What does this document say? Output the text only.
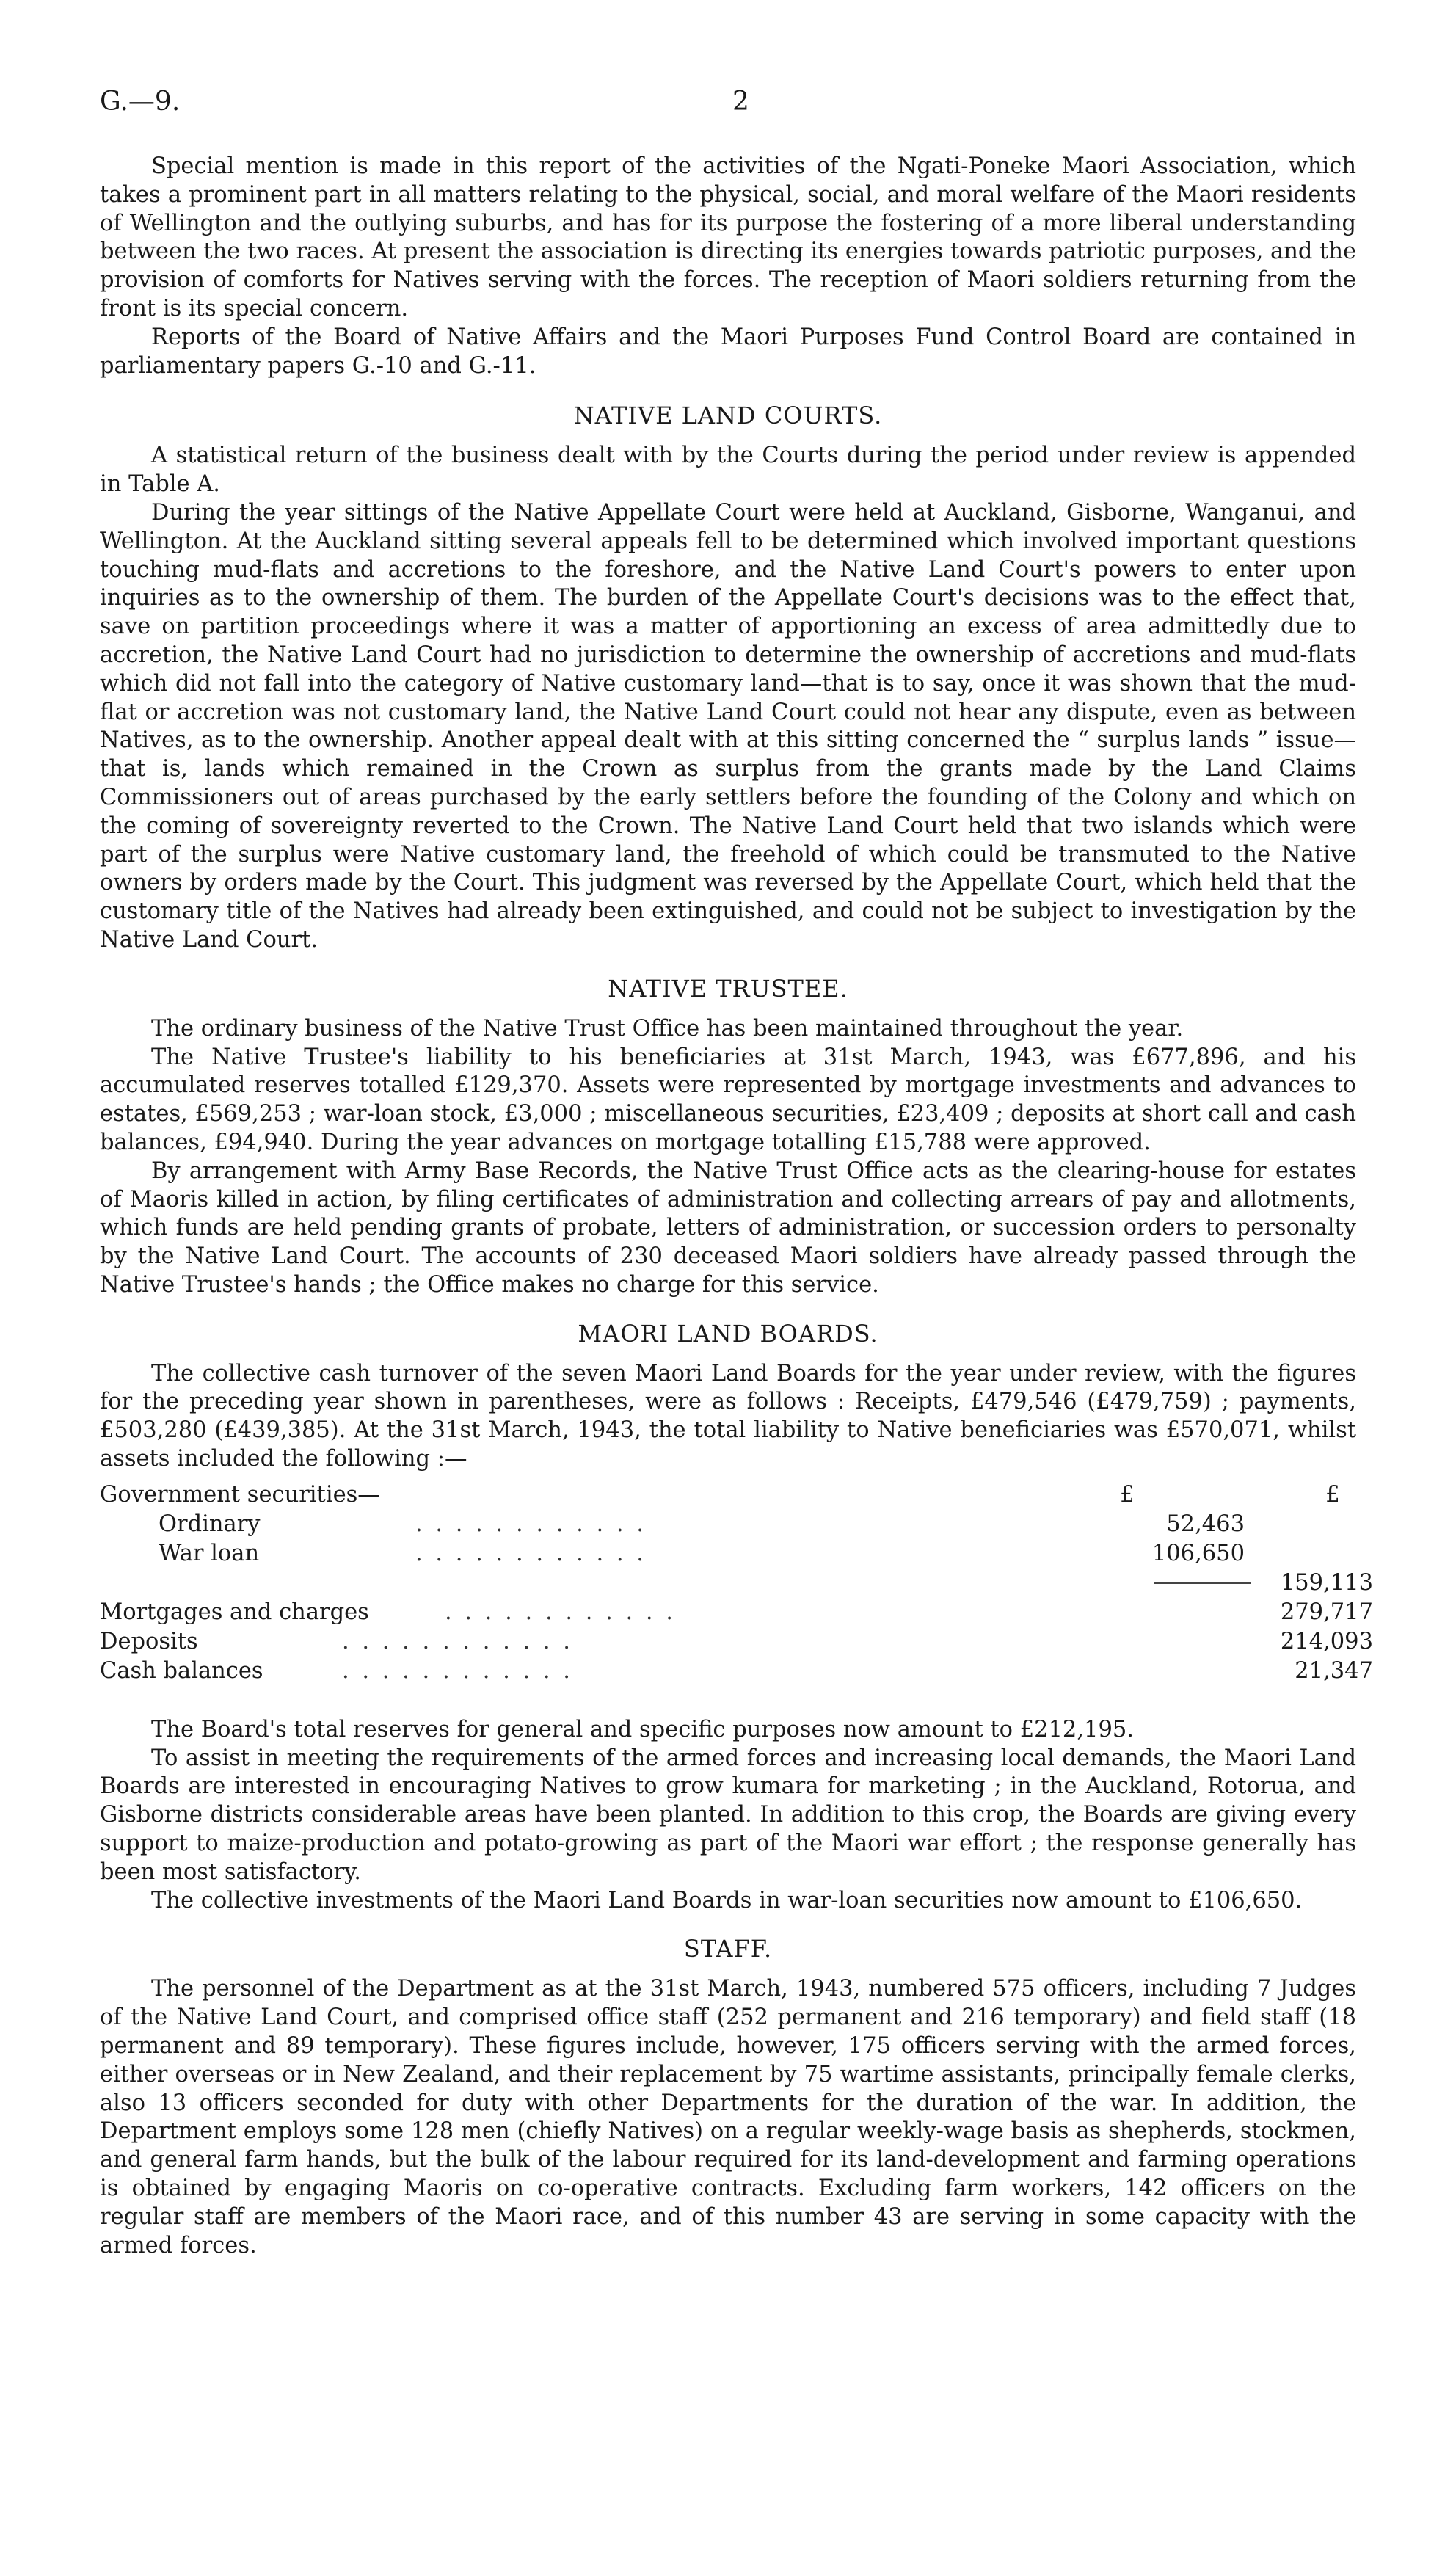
G.—9.	2

Special mention is made in this report of the activities of the Ngati-Poneke Maori Association, which takes a prominent part in all matters relating to the physical, social, and moral welfare of the Maori residents of Wellington and the outlying suburbs, and has for its purpose the fostering of a more liberal understanding between the two races. At present the association is directing its energies towards patriotic purposes, and the provision of comforts for Natives serving with the forces. The reception of Maori soldiers returning from the front is its special concern.

Reports of the Board of Native Affairs and the Maori Purposes Fund Control Board are contained in parliamentary papers G.-10 and G.-11.

NATIVE LAND COURTS.

A statistical return of the business dealt with by the Courts during the period under review is appended in Table A.

During the year sittings of the Native Appellate Court were held at Auckland, Gisborne, Wanganui, and Wellington. At the Auckland sitting several appeals fell to be determined which involved important questions touching mud-flats and accretions to the foreshore, and the Native Land Court's powers to enter upon inquiries as to the ownership of them. The burden of the Appellate Court's decisions was to the effect that, save on partition proceedings where it was a matter of apportioning an excess of area admittedly due to accretion, the Native Land Court had no jurisdiction to determine the ownership of accretions and mud-flats which did not fall into the category of Native customary land—that is to say, once it was shown that the mud-flat or accretion was not customary land, the Native Land Court could not hear any dispute, even as between Natives, as to the ownership. Another appeal dealt with at this sitting concerned the “ surplus lands ” issue—that is, lands which remained in the Crown as surplus from the grants made by the Land Claims Commissioners out of areas purchased by the early settlers before the founding of the Colony and which on the coming of sovereignty reverted to the Crown. The Native Land Court held that two islands which were part of the surplus were Native customary land, the freehold of which could be transmuted to the Native owners by orders made by the Court. This judgment was reversed by the Appellate Court, which held that the customary title of the Natives had already been extinguished, and could not be subject to investigation by the Native Land Court.

NATIVE TRUSTEE.

The ordinary business of the Native Trust Office has been maintained throughout the year.

The Native Trustee's liability to his beneficiaries at 31st March, 1943, was £677,896, and his accumulated reserves totalled £129,370. Assets were represented by mortgage investments and advances to estates, £569,253 ; war-loan stock, £3,000 ; miscellaneous securities, £23,409 ; deposits at short call and cash balances, £94,940. During the year advances on mortgage totalling £15,788 were approved.

By arrangement with Army Base Records, the Native Trust Office acts as the clearing-house for estates of Maoris killed in action, by filing certificates of administration and collecting arrears of pay and allotments, which funds are held pending grants of probate, letters of administration, or succession orders to personalty by the Native Land Court. The accounts of 230 deceased Maori soldiers have already passed through the Native Trustee's hands ; the Office makes no charge for this service.

MAORI LAND BOARDS.

The collective cash turnover of the seven Maori Land Boards for the year under review, with the figures for the preceding year shown in parentheses, were as follows : Receipts, £479,546 (£479,759) ; payments, £503,280 (£439,385). At the 31st March, 1943, the total liability to Native beneficiaries was £570,071, whilst assets included the following :—

Government securities—	£	£
Ordinary	. . . . . . . . . . . .	52,463
War loan	. . . . . . . . . . . .	106,650
159,113
Mortgages and charges	. . . . . . . . . . . .	279,717
Deposits	. . . . . . . . . . . .	214,093
Cash balances	. . . . . . . . . . . .	21,347

The Board's total reserves for general and specific purposes now amount to £212,195.

To assist in meeting the requirements of the armed forces and increasing local demands, the Maori Land Boards are interested in encouraging Natives to grow kumara for marketing ; in the Auckland, Rotorua, and Gisborne districts considerable areas have been planted. In addition to this crop, the Boards are giving every support to maize-production and potato-growing as part of the Maori war effort ; the response generally has been most satisfactory.

The collective investments of the Maori Land Boards in war-loan securities now amount to £106,650.

STAFF.

The personnel of the Department as at the 31st March, 1943, numbered 575 officers, including 7 Judges of the Native Land Court, and comprised office staff (252 permanent and 216 temporary) and field staff (18 permanent and 89 temporary). These figures include, however, 175 officers serving with the armed forces, either overseas or in New Zealand, and their replacement by 75 wartime assistants, principally female clerks, also 13 officers seconded for duty with other Departments for the duration of the war. In addition, the Department employs some 128 men (chiefly Natives) on a regular weekly-wage basis as shepherds, stockmen, and general farm hands, but the bulk of the labour required for its land-development and farming operations is obtained by engaging Maoris on co-operative contracts. Excluding farm workers, 142 officers on the regular staff are members of the Maori race, and of this number 43 are serving in some capacity with the armed forces.
